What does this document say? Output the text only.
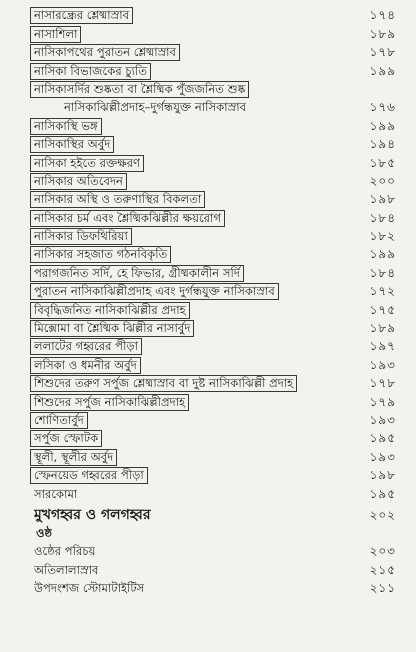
নাসারন্ধ্রের শ্লেষ্মাস্রাব	১৭৪
নাসাশিলা	১৮৯
নাসিকাপথের পুরাতন শ্লেষ্মাস্রাব	১৭৮
নাসিকা বিভাজকের চ্যুতি	১৯৯
নাসিকাসর্দির শুষ্কতা বা শ্লৈষ্মিক পুঁজজনিত শুষ্ক
নাসিকাঝিল্লীপ্রদাহ–দুর্গন্ধযুক্ত নাসিকাস্রাব	১৭৬
নাসিকাস্থি ভঙ্গ	১৯৯
নাসিকাস্থির অর্বুদ	১৯৪
নাসিকা হইতে রক্তক্ষরণ	১৮৫
নাসিকার অতিবেদন	২০০
নাসিকার অস্থি ও তরুণাস্থির বিকলতা	১৯৮
নাসিকার চর্ম এবং শ্লৈষ্মিকঝিল্লীর ক্ষয়রোগ	১৮৪
নাসিকার ডিফথিরিয়া	১৮২
নাসিকার সহজাত গঠনবিকৃতি	১৯৯
পরাগজনিত সর্দি, হে ফিভার, গ্রীষ্মকালীন সর্দি	১৮৪
পুরাতন নাসিকাঝিল্লীপ্রদাহ এবং দুর্গন্ধযুক্ত নাসিকাস্রাব	১৭২
বিবৃদ্ধিজনিত নাসিকাঝিল্লীর প্রদাহ	১৭৫
মিক্সোমা বা শ্লৈষ্মিক ঝিল্লীর নাসার্বুদ	১৮৯
ললাটের গহ্বরের পীড়া	১৯৭
লসিকা ও ধমনীর অর্বুদ	১৯৩
শিশুদের তরুণ সর্পুজ শ্লেষ্মাস্রাব বা দুষ্ট নাসিকাঝিল্লী প্রদাহ	১৭৮
শিশুদের সর্পুজ নাসিকাঝিল্লীপ্রদাহ	১৭৯
শোণিতার্বুদ	১৯৩
সর্পুজ স্ফোটক	১৯৫
স্থূলী, স্থূলীর অর্বুদ	১৯৩
স্ফেনয়েড গহ্বরের পীড়া	১৯৮
সারকোমা	১৯৫
মুখগহ্বর ও গলগহ্বর	২০২
ওষ্ঠ
ওষ্ঠের পরিচয়	২০৩
অতিলালাস্রাব	২১৫
উপদংশজ স্টোমাটাইটিস	২১১
